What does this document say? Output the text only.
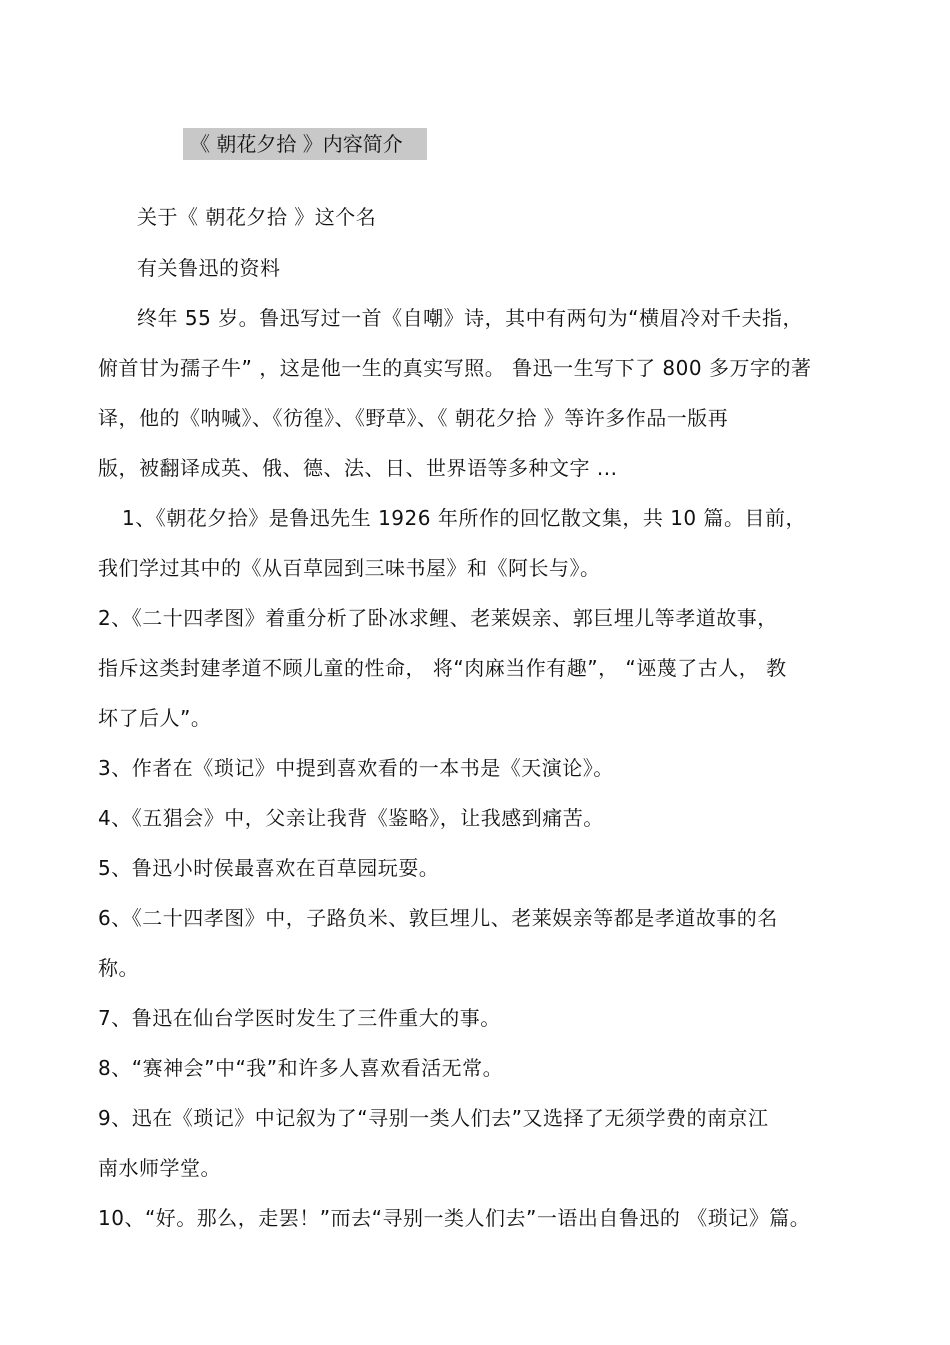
《 朝花夕拾 》内容简介
关于《 朝花夕拾 》这个名
有关鲁迅的资料
终年 55 岁。鲁迅写过一首《自嘲》诗，其中有两句为“横眉冷对千夫指，
俯首甘为孺子牛” ，这是他一生的真实写照。 鲁迅一生写下了 800 多万字的著
译，他的《呐喊》、《彷徨》、《野草》、《 朝花夕拾 》等许多作品一版再
版，被翻译成英、俄、德、法、日、世界语等多种文字 ...
1、《朝花夕拾》是鲁迅先生 1926 年所作的回忆散文集，共 10 篇。目前，
我们学过其中的《从百草园到三味书屋》和《阿长与》。
2、《二十四孝图》着重分析了卧冰求鲤、老莱娱亲、郭巨埋儿等孝道故事，
指斥这类封建孝道不顾儿童的性命， 将“肉麻当作有趣”， “诬蔑了古人， 教
坏了后人”。
3、作者在《琐记》中提到喜欢看的一本书是《天演论》。
4、《五猖会》中，父亲让我背《鉴略》，让我感到痛苦。
5、鲁迅小时侯最喜欢在百草园玩耍。
6、《二十四孝图》中，子路负米、敦巨埋儿、老莱娱亲等都是孝道故事的名
称。
7、鲁迅在仙台学医时发生了三件重大的事。
8、“赛神会”中“我”和许多人喜欢看活无常。
9、迅在《琐记》中记叙为了“寻别一类人们去”又选择了无须学费的南京江
南水师学堂。
10、“好。那么，走罢！”而去“寻别一类人们去”一语出自鲁迅的 《琐记》篇。
